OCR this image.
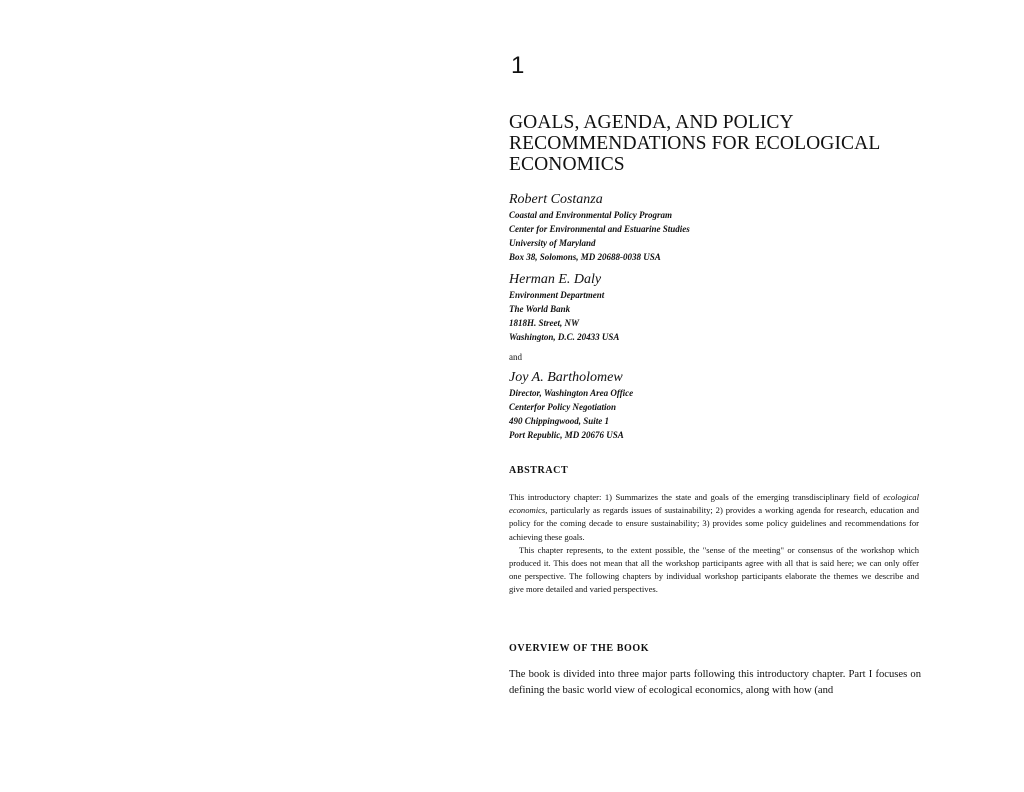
1
GOALS, AGENDA, AND POLICY
RECOMMENDATIONS FOR ECOLOGICAL
ECONOMICS
Robert Costanza
Coastal and Environmental Policy Program
Center for Environmental and Estuarine Studies
University of Maryland
Box 38, Solomons, MD 20688-0038 USA
Herman E. Daly
Environment Department
The World Bank
1818H. Street, NW
Washington, D.C. 20433 USA
and
Joy A. Bartholomew
Director, Washington Area Office
Centerfor Policy Negotiation
490 Chippingwood, Suite 1
Port Republic, MD 20676 USA
ABSTRACT

This introductory chapter: 1) Summarizes the state and goals of the emerging transdisciplinary field of ecological economics, particularly as regards issues of sustainability; 2) provides a working agenda for research, education and policy for the coming decade to ensure sustainability; 3) provides some policy guidelines and recommendations for achieving these goals.

This chapter represents, to the extent possible, the "sense of the meeting" or consensus of the workshop which produced it. This does not mean that all the workshop participants agree with all that is said here; we can only offer one perspective. The following chapters by individual workshop participants elaborate the themes we describe and give more detailed and varied perspectives.

OVERVIEW OF THE BOOK

The book is divided into three major parts following this introductory chapter. Part I focuses on defining the basic world view of ecological economics, along with how (and
